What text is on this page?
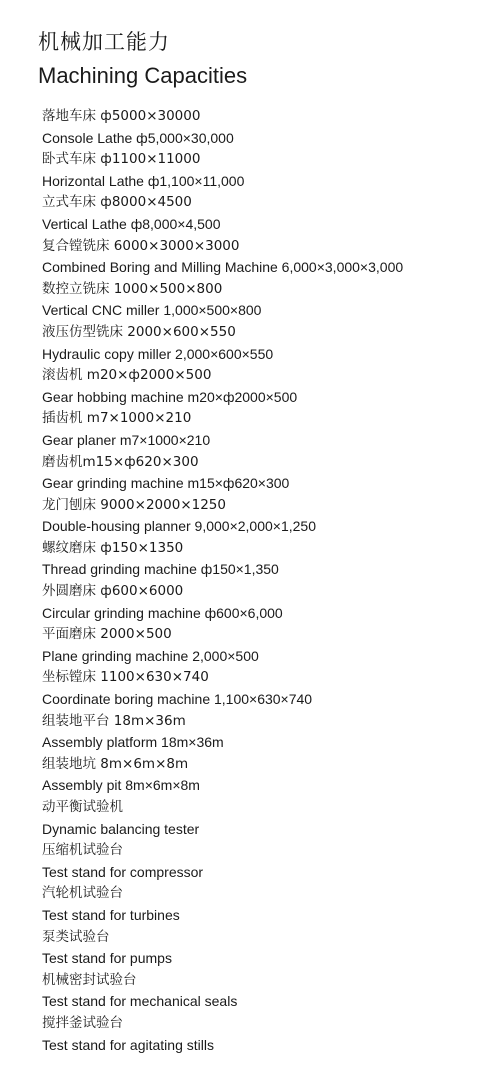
机械加工能力
Machining Capacities
落地车床 ф5000×30000
Console Lathe ф5,000×30,000
卧式车床 ф1100×11000
Horizontal Lathe ф1,100×11,000
立式车床 ф8000×4500
Vertical Lathe ф8,000×4,500
复合镗铣床 6000×3000×3000
Combined Boring and Milling Machine 6,000×3,000×3,000
数控立铣床 1000×500×800
Vertical CNC miller 1,000×500×800
液压仿型铣床 2000×600×550
Hydraulic copy miller 2,000×600×550
滚齿机 m20×ф2000×500
Gear hobbing machine m20×ф2000×500
插齿机 m7×1000×210
Gear planer m7×1000×210
磨齿机m15×ф620×300
Gear grinding machine m15×ф620×300
龙门刨床 9000×2000×1250
Double-housing planner 9,000×2,000×1,250
螺纹磨床 ф150×1350
Thread grinding machine ф150×1,350
外圆磨床 ф600×6000
Circular grinding machine ф600×6,000
平面磨床 2000×500
Plane grinding machine 2,000×500
坐标镗床 1100×630×740
Coordinate boring machine 1,100×630×740
组装地平台 18m×36m
Assembly platform 18m×36m
组装地坑 8m×6m×8m
Assembly pit 8m×6m×8m
动平衡试验机
Dynamic balancing tester
压缩机试验台
Test stand for compressor
汽轮机试验台
Test stand for turbines
泵类试验台
Test stand for pumps
机械密封试验台
Test stand for mechanical seals
搅拌釜试验台
Test stand for agitating stills
